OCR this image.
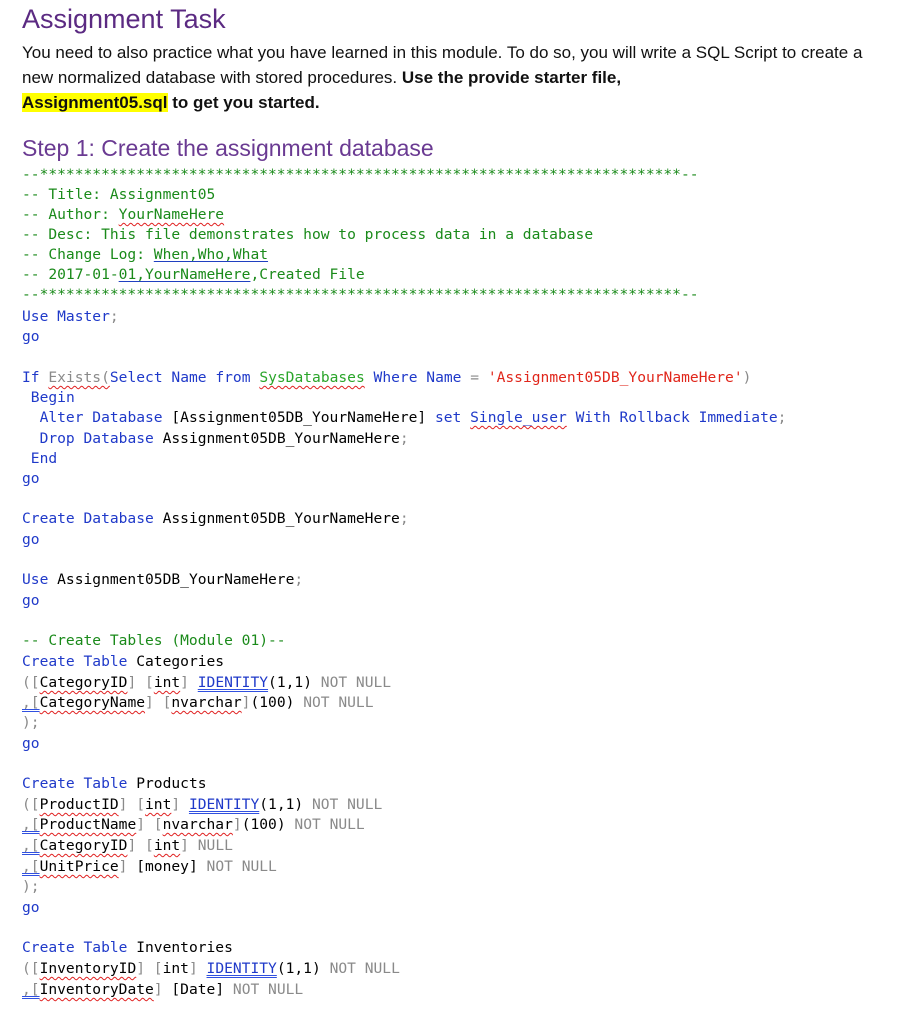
Assignment Task
You need to also practice what you have learned in this module. To do so, you will write a SQL Script to create a new normalized database with stored procedures. Use the provide starter file,
Assignment05.sql to get you started.
Step 1: Create the assignment database
--*************************************************************************--
-- Title: Assignment05
-- Author: YourNameHere
-- Desc: This file demonstrates how to process data in a database
-- Change Log: When,Who,What
-- 2017-01-01,YourNameHere,Created File
--*************************************************************************--
Use Master;
go
If Exists(Select Name from SysDatabases Where Name = 'Assignment05DB_YourNameHere')
Begin
Alter Database [Assignment05DB_YourNameHere] set Single_user With Rollback Immediate;
Drop Database Assignment05DB_YourNameHere;
End
go
Create Database Assignment05DB_YourNameHere;
go
Use Assignment05DB_YourNameHere;
go
-- Create Tables (Module 01)--
Create Table Categories
([CategoryID] [int] IDENTITY(1,1) NOT NULL
,[CategoryName] [nvarchar](100) NOT NULL
);
go
Create Table Products
([ProductID] [int] IDENTITY(1,1) NOT NULL
,[ProductName] [nvarchar](100) NOT NULL
,[CategoryID] [int] NULL
,[UnitPrice] [money] NOT NULL
);
go
Create Table Inventories
([InventoryID] [int] IDENTITY(1,1) NOT NULL
,[InventoryDate] [Date] NOT NULL
